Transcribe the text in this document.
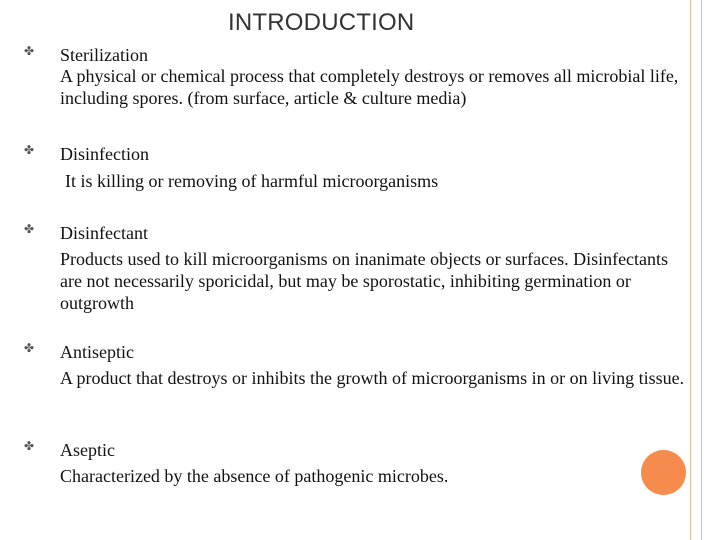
INTRODUCTION
✤ Sterilization
A physical or chemical process that completely destroys or removes all microbial life, including spores. (from surface, article & culture media)
✤ Disinfection
It is killing or removing of harmful microorganisms
✤ Disinfectant
Products used to kill microorganisms on inanimate objects or surfaces. Disinfectants are not necessarily sporicidal, but may be sporostatic, inhibiting germination or outgrowth
✤ Antiseptic
A product that destroys or inhibits the growth of microorganisms in or on living tissue.
✤ Aseptic
Characterized by the absence of pathogenic microbes.
